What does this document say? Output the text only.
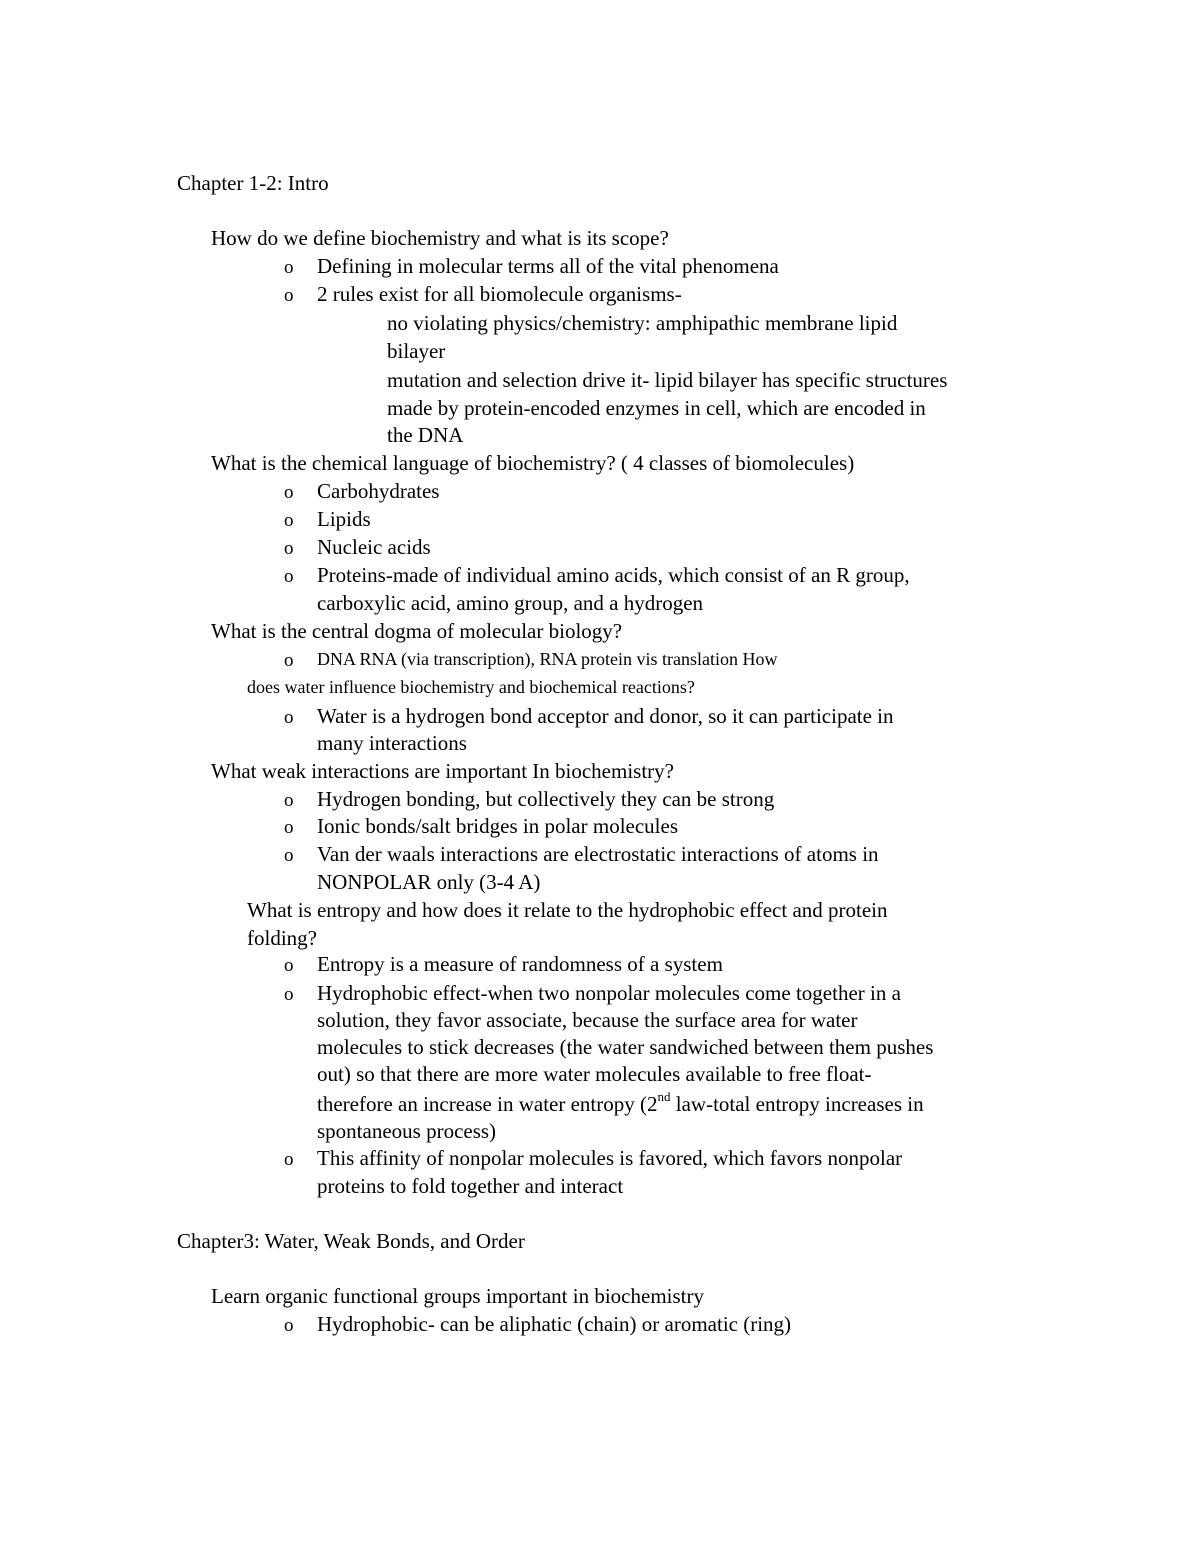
Chapter 1-2: Intro
How do we define biochemistry and what is its scope?
o Defining in molecular terms all of the vital phenomena
o 2 rules exist for all biomolecule organisms-
no violating physics/chemistry: amphipathic membrane lipid
bilayer
mutation and selection drive it- lipid bilayer has specific structures
made by protein-encoded enzymes in cell, which are encoded in
the DNA
What is the chemical language of biochemistry? ( 4 classes of biomolecules)
o Carbohydrates
o Lipids
o Nucleic acids
o Proteins-made of individual amino acids, which consist of an R group,
carboxylic acid, amino group, and a hydrogen
What is the central dogma of molecular biology?
o DNA RNA (via transcription), RNA protein vis translation How
does water influence biochemistry and biochemical reactions?
o Water is a hydrogen bond acceptor and donor, so it can participate in
many interactions
What weak interactions are important In biochemistry?
o Hydrogen bonding, but collectively they can be strong
o Ionic bonds/salt bridges in polar molecules
o Van der waals interactions are electrostatic interactions of atoms in
NONPOLAR only (3-4 A)
What is entropy and how does it relate to the hydrophobic effect and protein
folding?
o Entropy is a measure of randomness of a system
o Hydrophobic effect-when two nonpolar molecules come together in a
solution, they favor associate, because the surface area for water
molecules to stick decreases (the water sandwiched between them pushes
out) so that there are more water molecules available to free float-
therefore an increase in water entropy (2nd law-total entropy increases in
spontaneous process)
o This affinity of nonpolar molecules is favored, which favors nonpolar
proteins to fold together and interact
Chapter3: Water, Weak Bonds, and Order
Learn organic functional groups important in biochemistry
o Hydrophobic- can be aliphatic (chain) or aromatic (ring)
